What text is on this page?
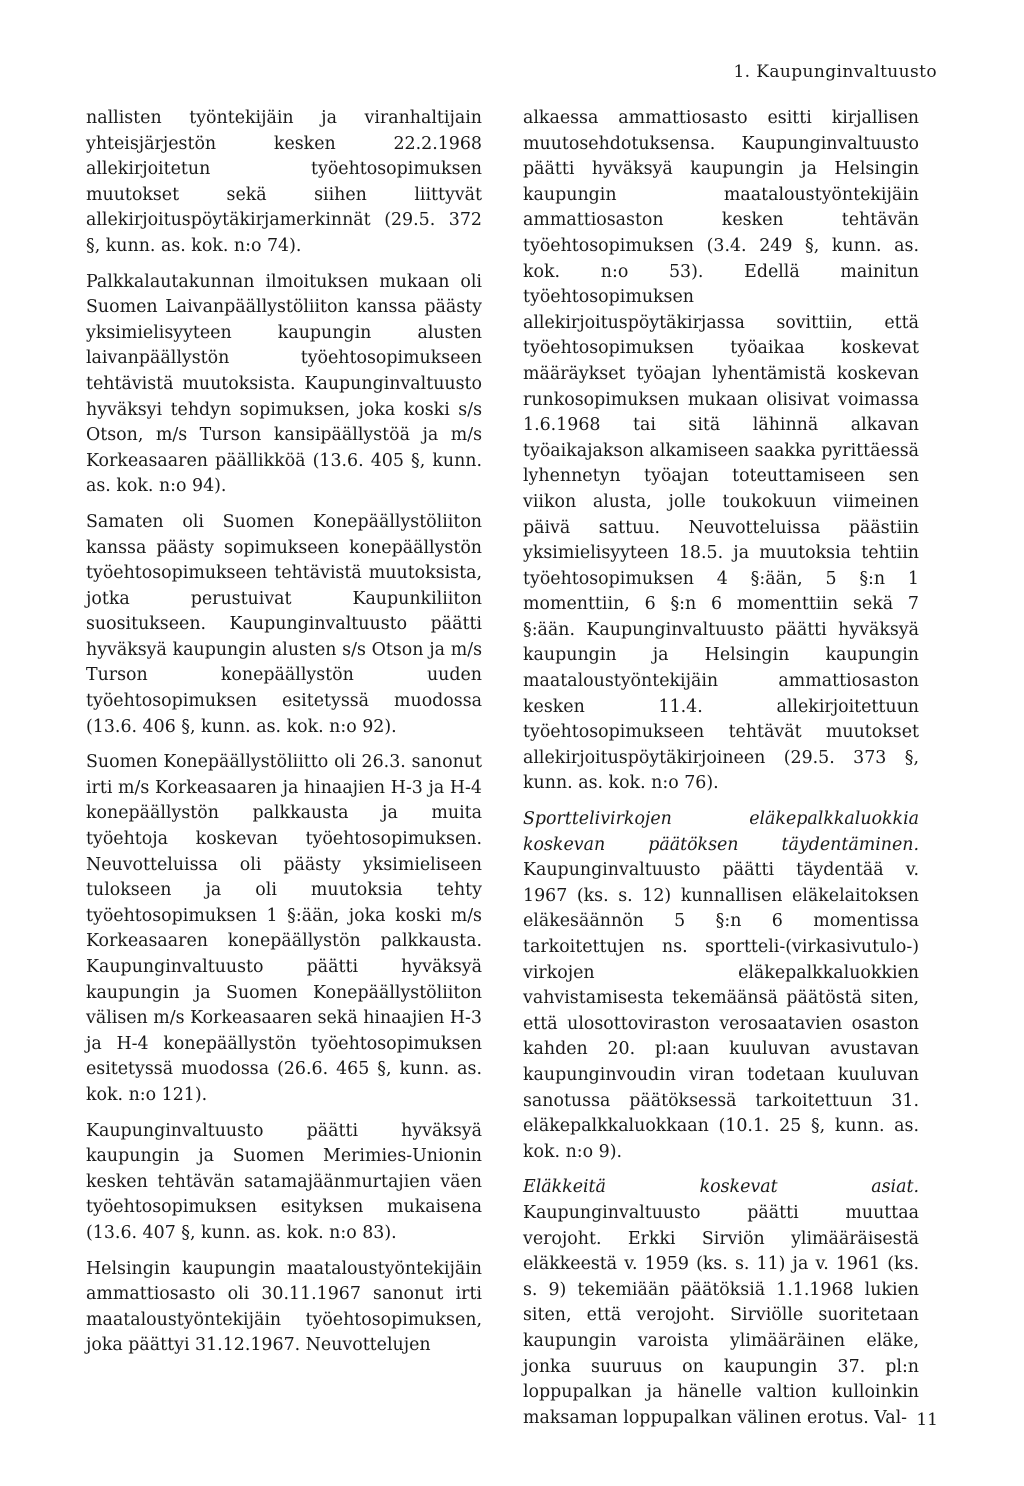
1. Kaupunginvaltuusto

nallisten työntekijäin ja viranhaltijain yhteisjärjestön kesken 22.2.1968 allekirjoitetun työehtosopimuksen muutokset sekä siihen liittyvät allekirjoituspöytäkirjamerkinnät (29.5. 372 §, kunn. as. kok. n:o 74).

Palkkalautakunnan ilmoituksen mukaan oli Suomen Laivanpäällystöliiton kanssa päästy yksimielisyyteen kaupungin alusten laivanpäällystön työehtosopimukseen tehtävistä muutoksista. Kaupunginvaltuusto hyväksyi tehdyn sopimuksen, joka koski s/s Otson, m/s Turson kansipäällystöä ja m/s Korkeasaaren päällikköä (13.6. 405 §, kunn. as. kok. n:o 94).

Samaten oli Suomen Konepäällystöliiton kanssa päästy sopimukseen konepäällystön työehtosopimukseen tehtävistä muutoksista, jotka perustuivat Kaupunkiliiton suositukseen. Kaupunginvaltuusto päätti hyväksyä kaupungin alusten s/s Otson ja m/s Turson konepäällystön uuden työehtosopimuksen esitetyssä muodossa (13.6. 406 §, kunn. as. kok. n:o 92).

Suomen Konepäällystöliitto oli 26.3. sanonut irti m/s Korkeasaaren ja hinaajien H-3 ja H-4 konepäällystön palkkausta ja muita työehtoja koskevan työehtosopimuksen. Neuvotteluissa oli päästy yksimieliseen tulokseen ja oli muutoksia tehty työehtosopimuksen 1 §:ään, joka koski m/s Korkeasaaren konepäällystön palkkausta. Kaupunginvaltuusto päätti hyväksyä kaupungin ja Suomen Konepäällystöliiton välisen m/s Korkeasaaren sekä hinaajien H-3 ja H-4 konepäällystön työehtosopimuksen esitetyssä muodossa (26.6. 465 §, kunn. as. kok. n:o 121).

Kaupunginvaltuusto päätti hyväksyä kaupungin ja Suomen Merimies-Unionin kesken tehtävän satamajäänmurtajien väen työehtosopimuksen esityksen mukaisena (13.6. 407 §, kunn. as. kok. n:o 83).

Helsingin kaupungin maataloustyöntekijäin ammattiosasto oli 30.11.1967 sanonut irti maataloustyöntekijäin työehtosopimuksen, joka päättyi 31.12.1967. Neuvottelujen

alkaessa ammattiosasto esitti kirjallisen muutosehdotuksensa. Kaupunginvaltuusto päätti hyväksyä kaupungin ja Helsingin kaupungin maataloustyöntekijäin ammattiosaston kesken tehtävän työehtosopimuksen (3.4. 249 §, kunn. as. kok. n:o 53). Edellä mainitun työehtosopimuksen allekirjoituspöytäkirjassa sovittiin, että työehtosopimuksen työaikaa koskevat määräykset työajan lyhentämistä koskevan runkosopimuksen mukaan olisivat voimassa 1.6.1968 tai sitä lähinnä alkavan työaikajakson alkamiseen saakka pyrittäessä lyhennetyn työajan toteuttamiseen sen viikon alusta, jolle toukokuun viimeinen päivä sattuu. Neuvotteluissa päästiin yksimielisyyteen 18.5. ja muutoksia tehtiin työehtosopimuksen 4 §:ään, 5 §:n 1 momenttiin, 6 §:n 6 momenttiin sekä 7 §:ään. Kaupunginvaltuusto päätti hyväksyä kaupungin ja Helsingin kaupungin maataloustyöntekijäin ammattiosaston kesken 11.4. allekirjoitettuun työehtosopimukseen tehtävät muutokset allekirjoituspöytäkirjoineen (29.5. 373 §, kunn. as. kok. n:o 76).

Sporttelivirkojen eläkepalkkaluokkia koskevan päätöksen täydentäminen. Kaupunginvaltuusto päätti täydentää v. 1967 (ks. s. 12) kunnallisen eläkelaitoksen eläkesäännön 5 §:n 6 momentissa tarkoitettujen ns. sportteli-(virkasivutulo-) virkojen eläkepalkkaluokkien vahvistamisesta tekemäänsä päätöstä siten, että ulosottoviraston verosaatavien osaston kahden 20. pl:aan kuuluvan avustavan kaupunginvoudin viran todetaan kuuluvan sanotussa päätöksessä tarkoitettuun 31. eläkepalkkaluokkaan (10.1. 25 §, kunn. as. kok. n:o 9).

Eläkkeitä koskevat asiat. Kaupunginvaltuusto päätti muuttaa verojoht. Erkki Sirviön ylimääräisestä eläkkeestä v. 1959 (ks. s. 11) ja v. 1961 (ks. s. 9) tekemiään päätöksiä 1.1.1968 lukien siten, että verojoht. Sirviölle suoritetaan kaupungin varoista ylimääräinen eläke, jonka suuruus on kaupungin 37. pl:n loppupalkan ja hänelle valtion kulloinkin maksaman loppupalkan välinen erotus. Val- 11
